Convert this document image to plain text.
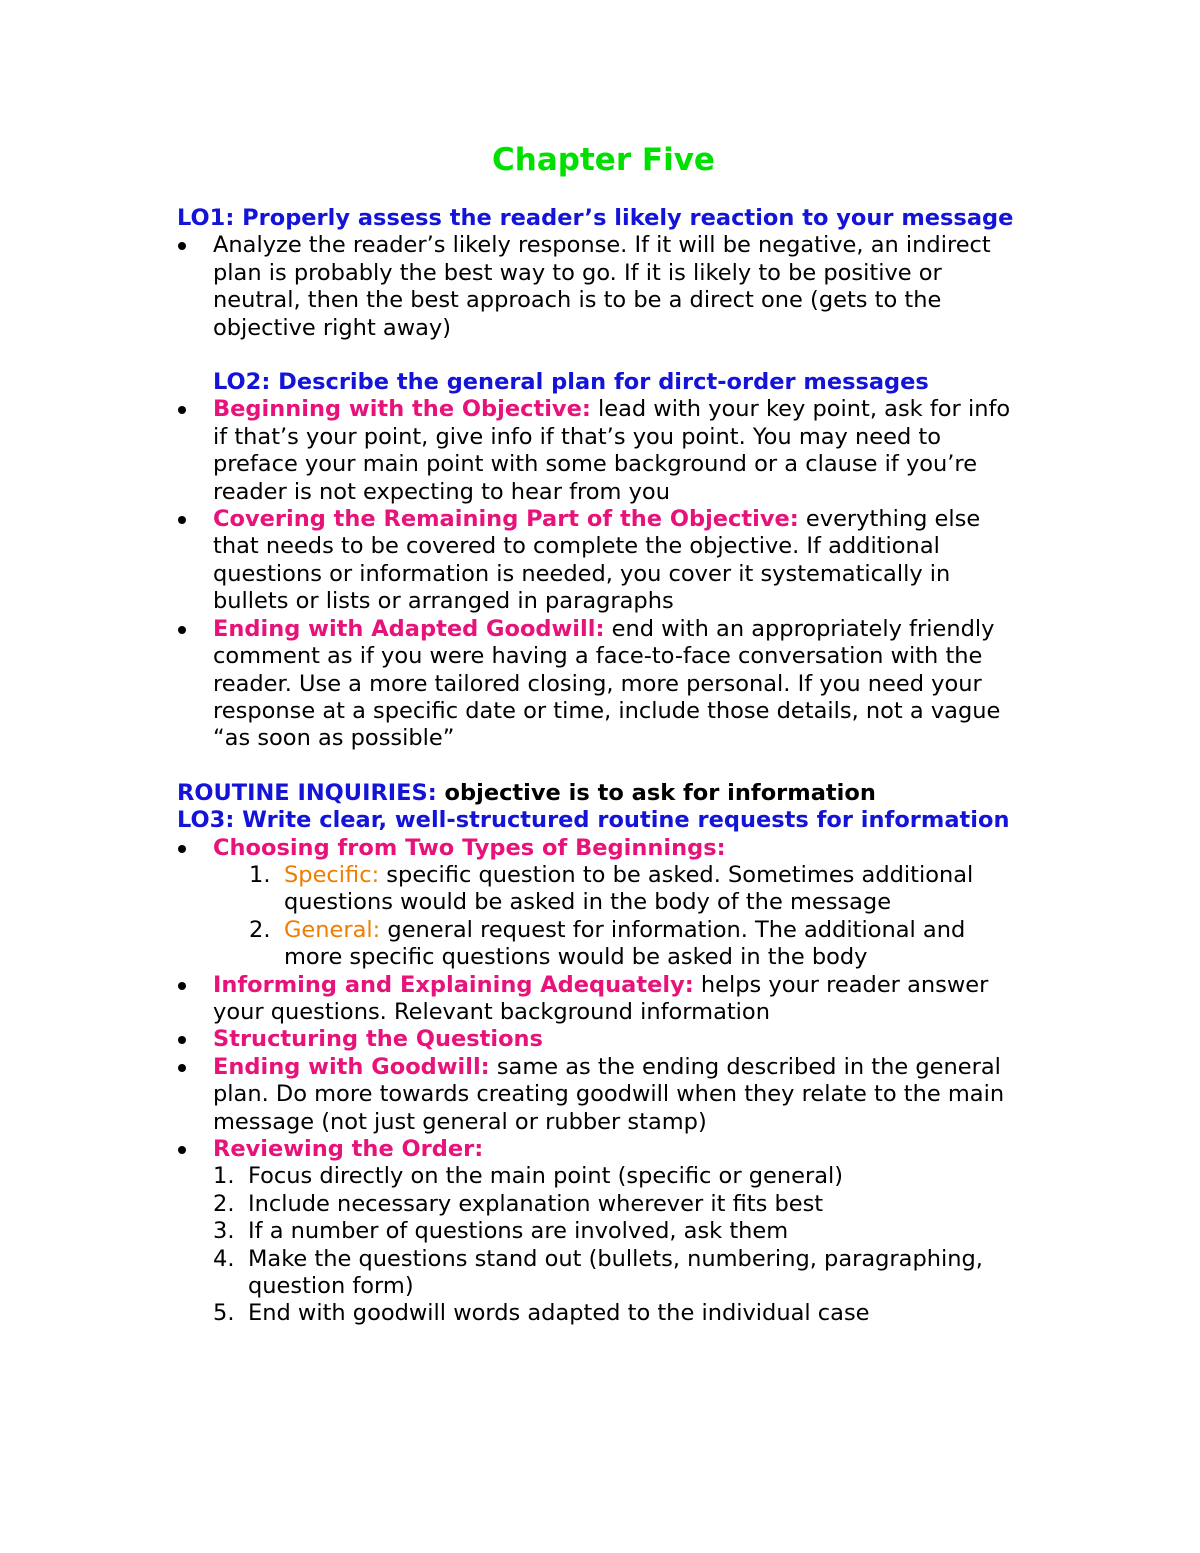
Chapter Five

LO1: Properly assess the reader’s likely reaction to your message

Analyze the reader’s likely response. If it will be negative, an indirect plan is probably the best way to go. If it is likely to be positive or neutral, then the best approach is to be a direct one (gets to the objective right away)

LO2: Describe the general plan for dirct-order messages

Beginning with the Objective: lead with your key point, ask for info if that’s your point, give info if that’s you point. You may need to preface your main point with some background or a clause if you’re reader is not expecting to hear from you
Covering the Remaining Part of the Objective: everything else that needs to be covered to complete the objective. If additional questions or information is needed, you cover it systematically in bullets or lists or arranged in paragraphs
Ending with Adapted Goodwill: end with an appropriately friendly comment as if you were having a face-to-face conversation with the reader. Use a more tailored closing, more personal. If you need your response at a specific date or time, include those details, not a vague “as soon as possible”

ROUTINE INQUIRIES: objective is to ask for information

LO3: Write clear, well-structured routine requests for information

Choosing from Two Types of Beginnings:
1. Specific: specific question to be asked. Sometimes additional questions would be asked in the body of the message
2. General: general request for information. The additional and more specific questions would be asked in the body
Informing and Explaining Adequately: helps your reader answer your questions. Relevant background information
Structuring the Questions
Ending with Goodwill: same as the ending described in the general plan. Do more towards creating goodwill when they relate to the main message (not just general or rubber stamp)
Reviewing the Order:
1. Focus directly on the main point (specific or general)
2. Include necessary explanation wherever it fits best
3. If a number of questions are involved, ask them
4. Make the questions stand out (bullets, numbering, paragraphing, question form)
5. End with goodwill words adapted to the individual case
